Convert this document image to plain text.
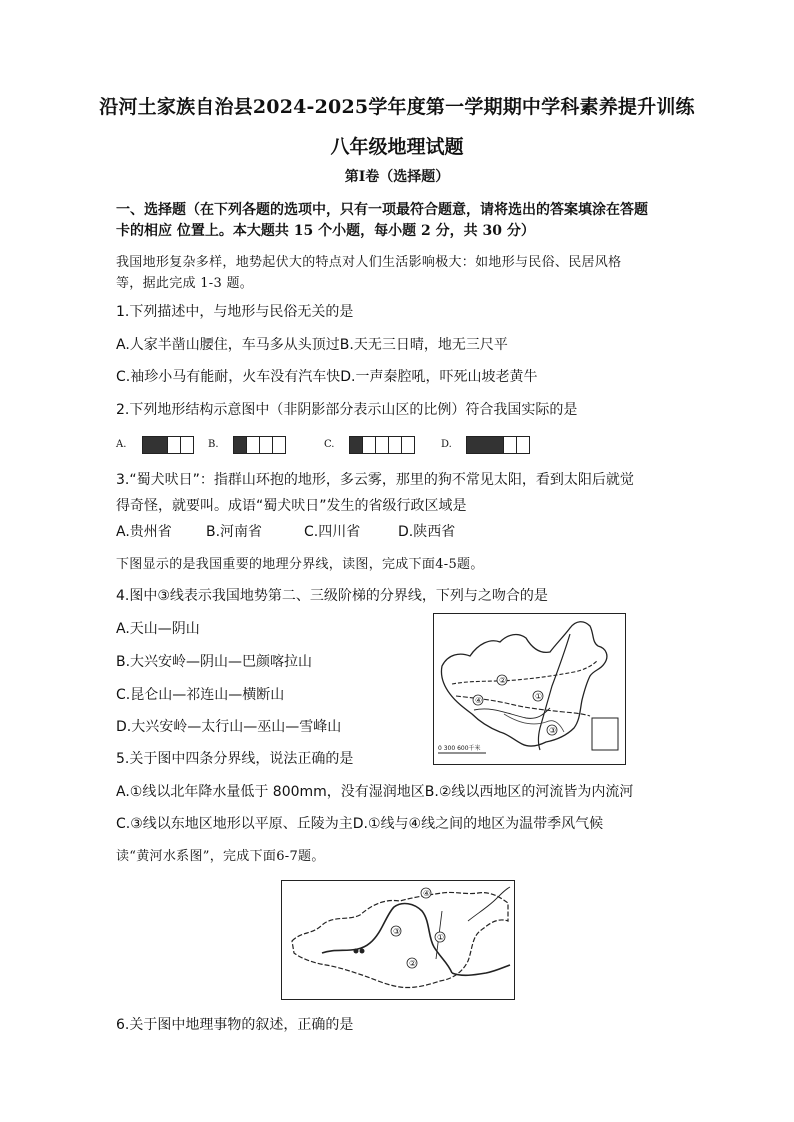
沿河土家族自治县2024-2025学年度第一学期期中学科素养提升训练
八年级地理试题
第Ⅰ卷（选择题）
一、选择题（在下列各题的选项中，只有一项最符合题意，请将选出的答案填涂在答题
卡的相应 位置上。本大题共 15 个小题，每小题 2 分，共 30 分）
我国地形复杂多样，地势起伏大的特点对人们生活影响极大：如地形与民俗、民居风格
等，据此完成 1-3 题。
1.下列描述中，与地形与民俗无关的是
A.人家半凿山腰住，车马多从头顶过B.天无三日晴，地无三尺平
C.袖珍小马有能耐，火车没有汽车快D.一声秦腔吼，吓死山坡老黄牛
2.下列地形结构示意图中（非阴影部分表示山区的比例）符合我国实际的是
A.	B.	C.	D.
3.“蜀犬吠日”：指群山环抱的地形，多云雾，那里的狗不常见太阳，看到太阳后就觉
得奇怪，就要叫。成语“蜀犬吠日”发生的省级行政区域是
A.贵州省 B.河南省	C.四川省	D.陕西省
下图显示的是我国重要的地理分界线，读图，完成下面4-5题。
4.图中③线表示我国地势第二、三级阶梯的分界线，下列与之吻合的是
A.天山—阴山
B.大兴安岭—阴山—巴颜喀拉山
C.昆仑山—祁连山—横断山
D.大兴安岭—太行山—巫山—雪峰山
①
②
③
④
0 300 600千米
5.关于图中四条分界线，说法正确的是
A.①线以北年降水量低于 800mm，没有湿润地区B.②线以西地区的河流皆为内流河
C.③线以东地区地形以平原、丘陵为主D.①线与④线之间的地区为温带季风气候
读“黄河水系图”，完成下面6-7题。
①
②
③
④
6.关于图中地理事物的叙述，正确的是
